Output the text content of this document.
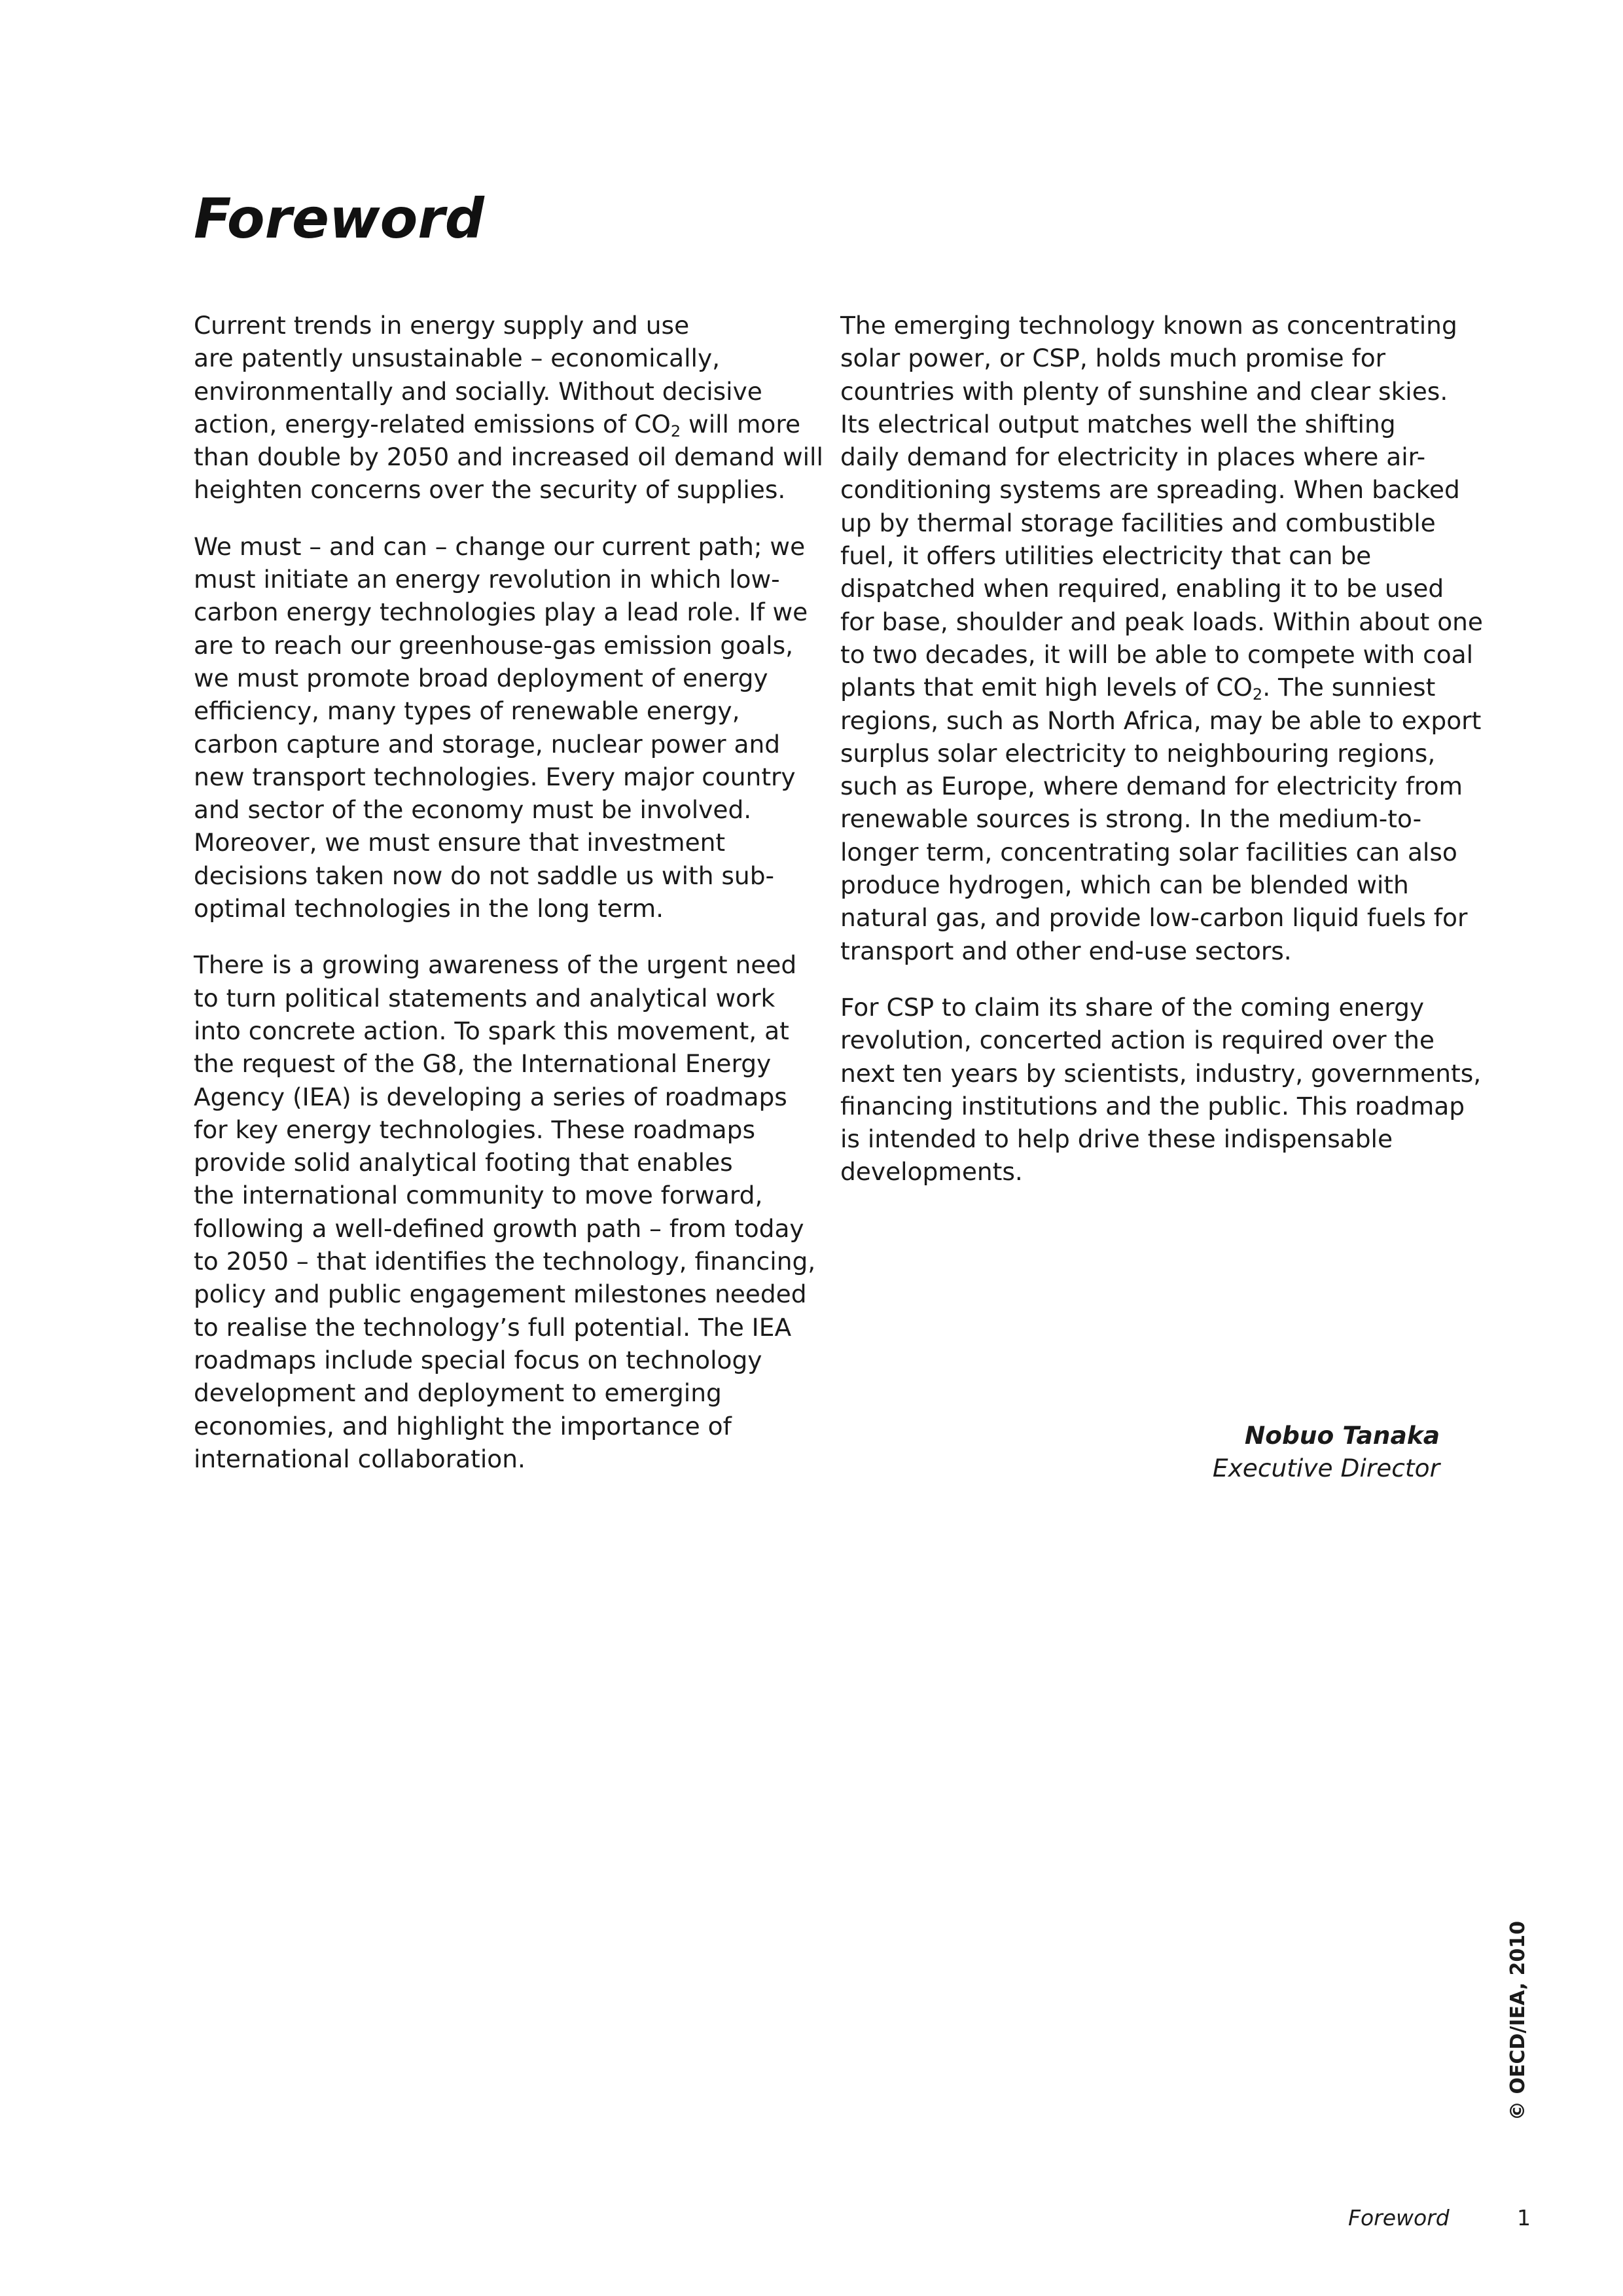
Foreword

Current trends in energy supply and use
are patently unsustainable – economically,
environmentally and socially. Without decisive
action, energy-related emissions of $CO_2$ will more
than double by 2050 and increased oil demand will
heighten concerns over the security of supplies.

We must – and can – change our current path; we
must initiate an energy revolution in which low-
carbon energy technologies play a lead role. If we
are to reach our greenhouse-gas emission goals,
we must promote broad deployment of energy
efficiency, many types of renewable energy,
carbon capture and storage, nuclear power and
new transport technologies. Every major country
and sector of the economy must be involved.
Moreover, we must ensure that investment
decisions taken now do not saddle us with sub-
optimal technologies in the long term.

There is a growing awareness of the urgent need
to turn political statements and analytical work
into concrete action. To spark this movement, at
the request of the G8, the International Energy
Agency (IEA) is developing a series of roadmaps
for key energy technologies. These roadmaps
provide solid analytical footing that enables
the international community to move forward,
following a well-defined growth path – from today
to 2050 – that identifies the technology, financing,
policy and public engagement milestones needed
to realise the technology’s full potential. The IEA
roadmaps include special focus on technology
development and deployment to emerging
economies, and highlight the importance of
international collaboration.

The emerging technology known as concentrating
solar power, or CSP, holds much promise for
countries with plenty of sunshine and clear skies.
Its electrical output matches well the shifting
daily demand for electricity in places where air-
conditioning systems are spreading. When backed
up by thermal storage facilities and combustible
fuel, it offers utilities electricity that can be
dispatched when required, enabling it to be used
for base, shoulder and peak loads. Within about one
to two decades, it will be able to compete with coal
plants that emit high levels of $CO_2$. The sunniest
regions, such as North Africa, may be able to export
surplus solar electricity to neighbouring regions,
such as Europe, where demand for electricity from
renewable sources is strong. In the medium-to-
longer term, concentrating solar facilities can also
produce hydrogen, which can be blended with
natural gas, and provide low-carbon liquid fuels for
transport and other end-use sectors.

For CSP to claim its share of the coming energy
revolution, concerted action is required over the
next ten years by scientists, industry, governments,
financing institutions and the public. This roadmap
is intended to help drive these indispensable
developments.

Nobuo Tanaka
Executive Director
© OECD/IEA, 2010
Foreword	1
